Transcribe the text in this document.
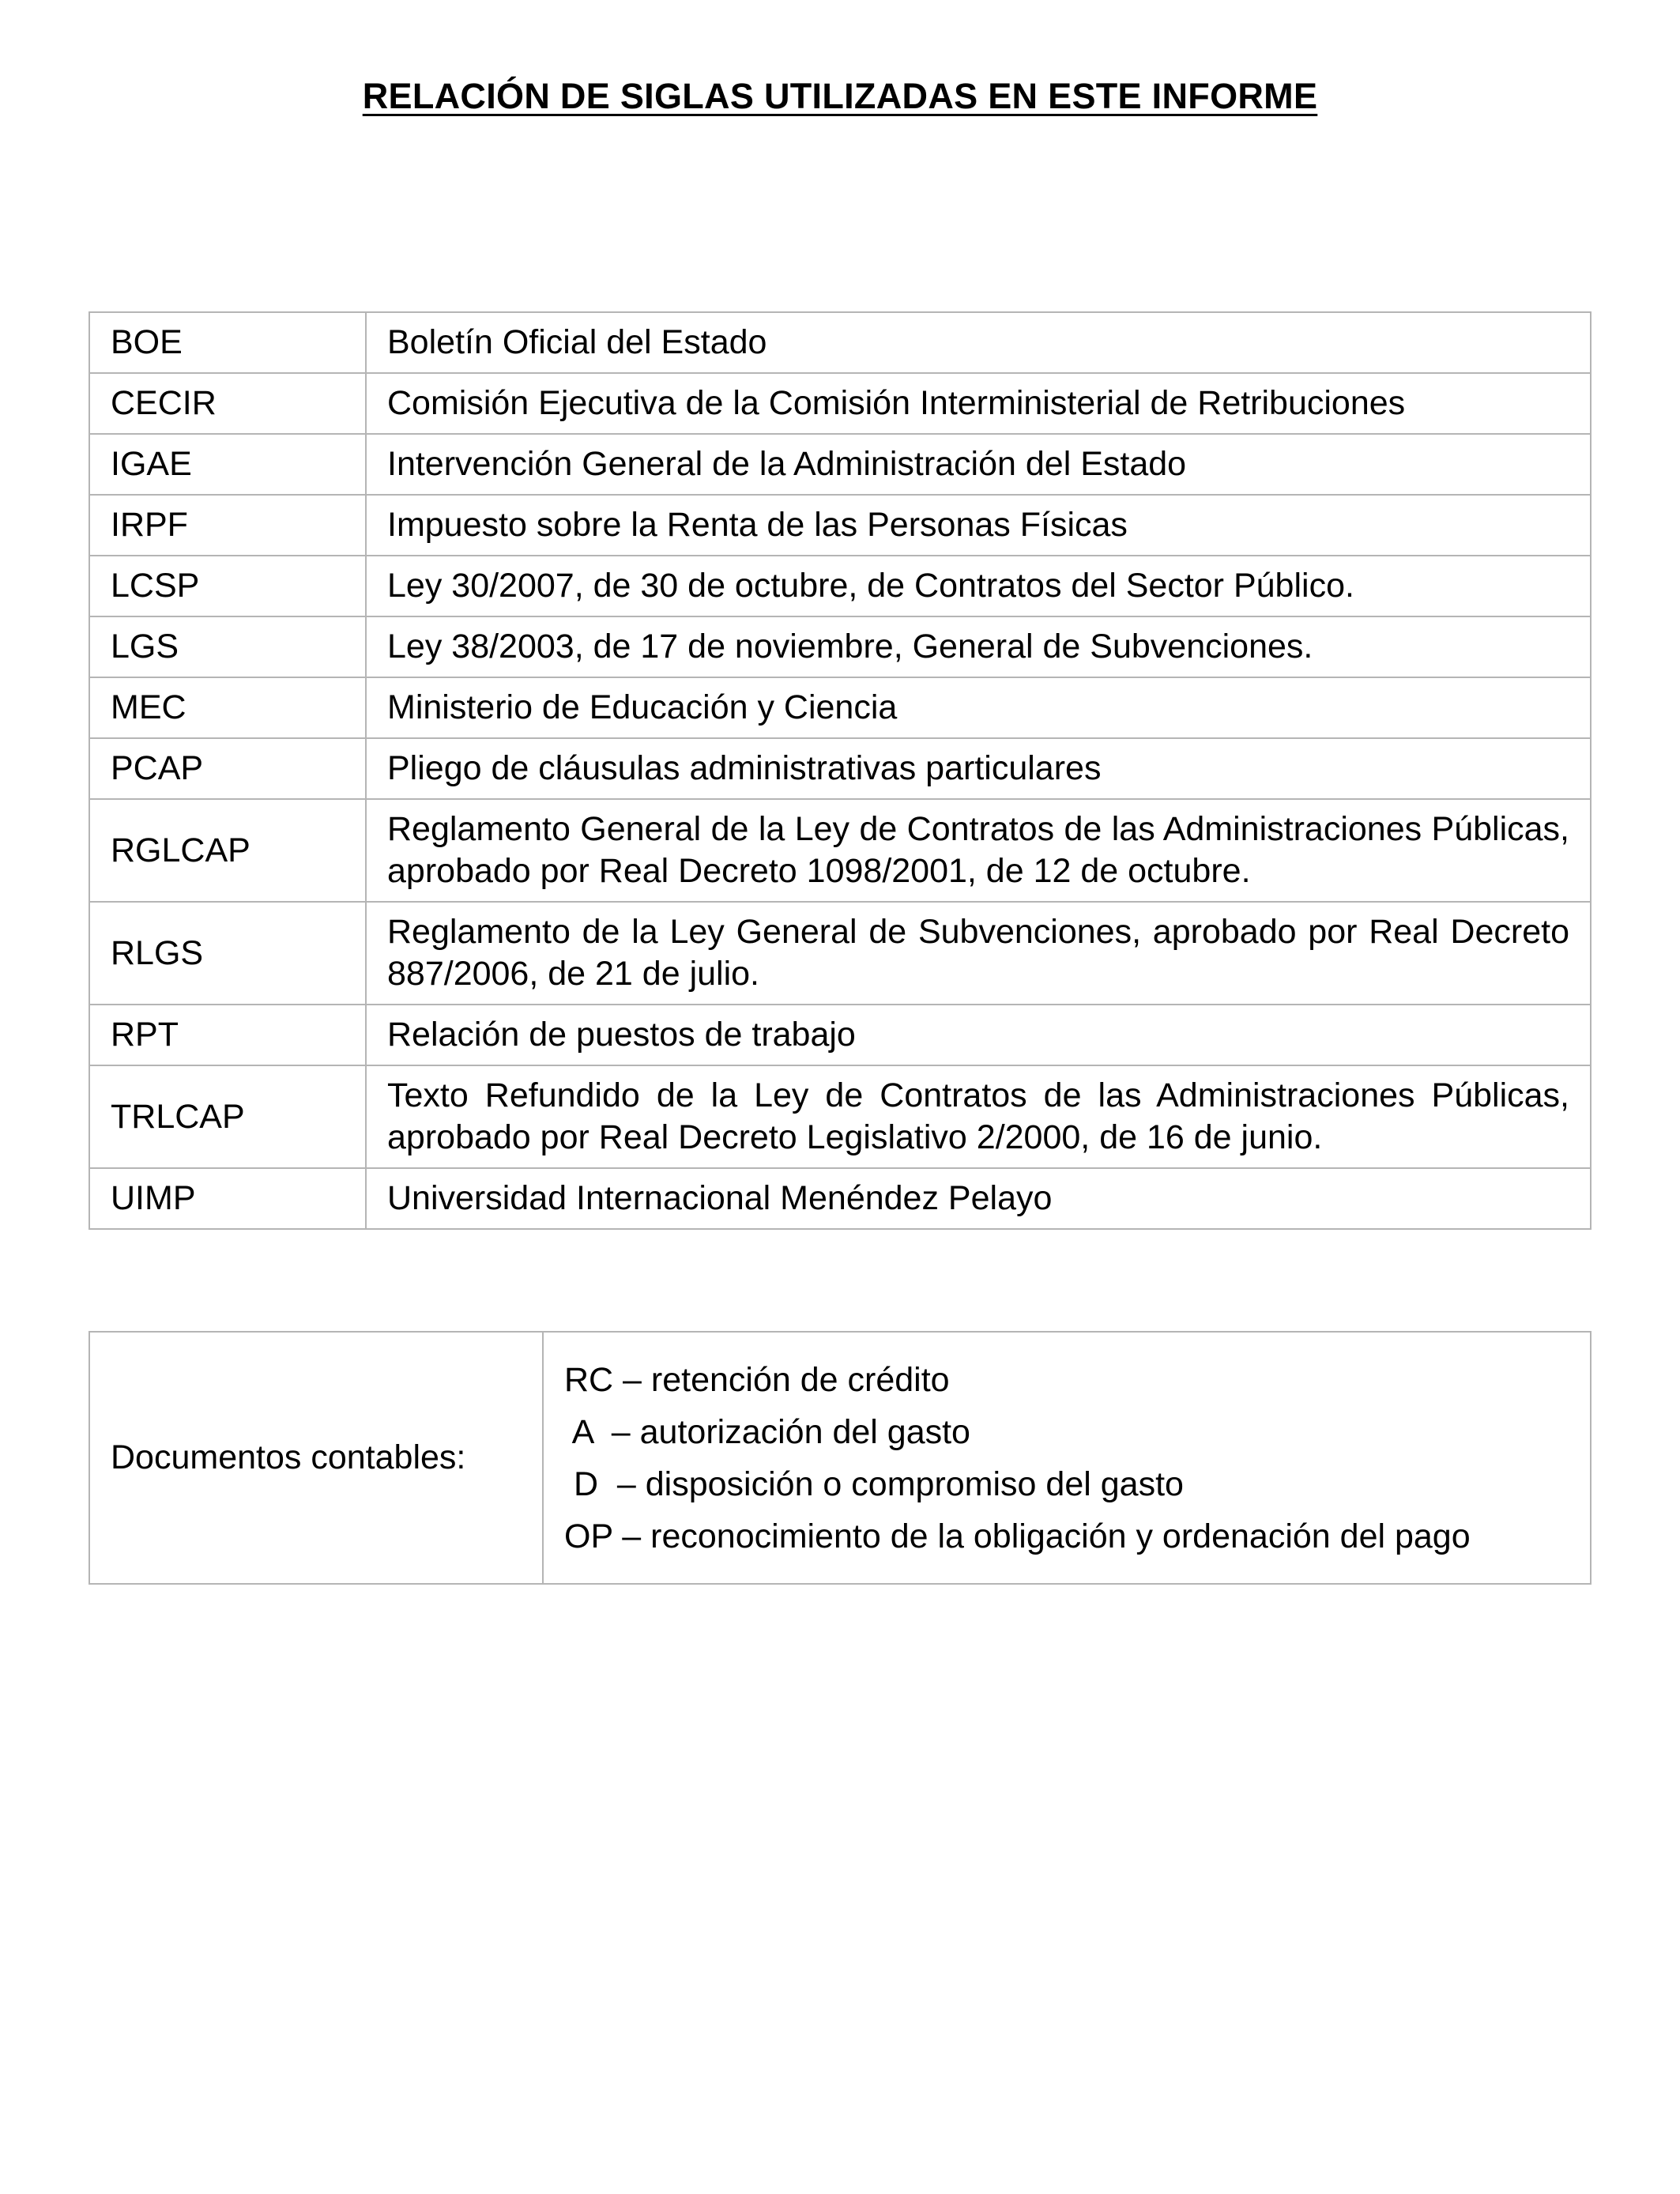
RELACIÓN DE SIGLAS UTILIZADAS EN ESTE INFORME
BOE	Boletín Oficial del Estado
CECIR	Comisión Ejecutiva de la Comisión Interministerial de Retribuciones
IGAE	Intervención General de la Administración del Estado
IRPF	Impuesto sobre la Renta de las Personas Físicas
LCSP	Ley 30/2007, de 30 de octubre, de Contratos del Sector Público.
LGS	Ley 38/2003, de 17 de noviembre, General de Subvenciones.
MEC	Ministerio de Educación y Ciencia
PCAP	Pliego de cláusulas administrativas particulares
RGLCAP	Reglamento General de la Ley de Contratos de las Administraciones Públicas, aprobado por Real Decreto 1098/2001, de 12 de octubre.
RLGS	Reglamento de la Ley General de Subvenciones, aprobado por Real Decreto 887/2006, de 21 de julio.
RPT	Relación de puestos de trabajo
TRLCAP	Texto Refundido de la Ley de Contratos de las Administraciones Públicas, aprobado por Real Decreto Legislativo 2/2000, de 16 de junio.
UIMP	Universidad Internacional Menéndez Pelayo
Documentos contables:	
RC – retención de crédito
A  – autorización del gasto
D  – disposición o compromiso del gasto
OP – reconocimiento de la obligación y ordenación del pago
